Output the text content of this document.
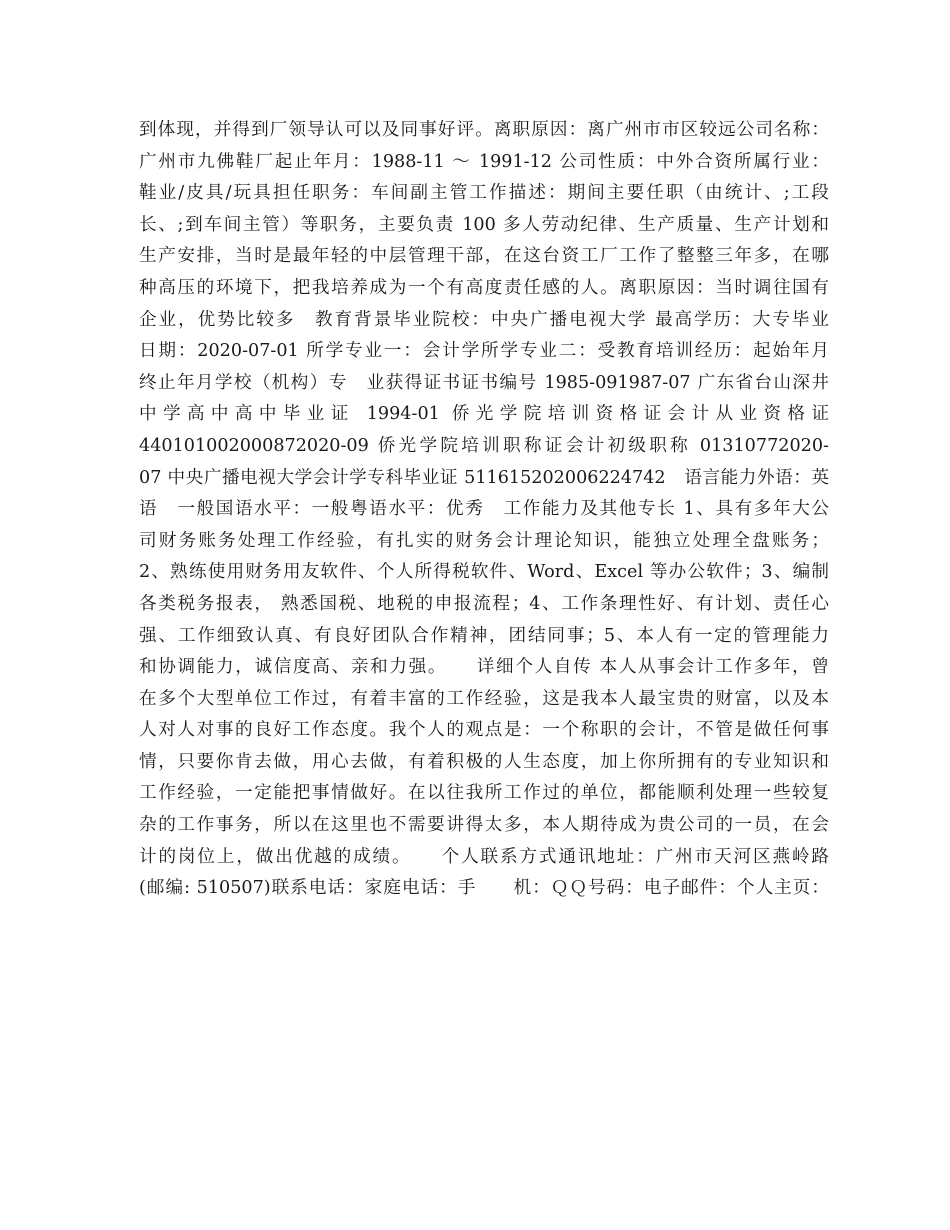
到体现，并得到厂领导认可以及同事好评。离职原因：离广州市市区较远公司名称：
广州市九佛鞋厂起止年月：1988-11 ～ 1991-12 公司性质：中外合资所属行业：
鞋业/皮具/玩具担任职务：车间副主管工作描述：期间主要任职（由统计、;工段
长、;到车间主管）等职务，主要负责 100 多人劳动纪律、生产质量、生产计划和
生产安排，当时是最年轻的中层管理干部，在这台资工厂工作了整整三年多，在哪
种高压的环境下，把我培养成为一个有高度责任感的人。离职原因：当时调往国有
企业，优势比较多　教育背景毕业院校：中央广播电视大学 最高学历：大专毕业
日期：2020-07-01 所学专业一：会计学所学专业二：受教育培训经历：起始年月
终止年月学校（机构）专　业获得证书证书编号 1985-091987-07 广东省台山深井
中学高中高中毕业证 1994-01 侨光学院培训资格证会计从业资格证
440101002000872020-09 侨光学院培训职称证会计初级职称 01310772020-
07 中央广播电视大学会计学专科毕业证 511615202006224742　语言能力外语：英
语　一般国语水平：一般粤语水平：优秀　工作能力及其他专长 1、具有多年大公
司财务账务处理工作经验，有扎实的财务会计理论知识，能独立处理全盘账务；
2、熟练使用财务用友软件、个人所得税软件、Word、Excel 等办公软件；3、编制
各类税务报表， 熟悉国税、地税的申报流程；4、工作条理性好、有计划、责任心
强、工作细致认真、有良好团队合作精神，团结同事；5、本人有一定的管理能力
和协调能力，诚信度高、亲和力强。　　详细个人自传 本人从事会计工作多年，曾
在多个大型单位工作过，有着丰富的工作经验，这是我本人最宝贵的财富，以及本
人对人对事的良好工作态度。我个人的观点是：一个称职的会计，不管是做任何事
情，只要你肯去做，用心去做，有着积极的人生态度，加上你所拥有的专业知识和
工作经验，一定能把事情做好。在以往我所工作过的单位，都能顺利处理一些较复
杂的工作事务，所以在这里也不需要讲得太多，本人期待成为贵公司的一员，在会
计的岗位上，做出优越的成绩。　　个人联系方式通讯地址：广州市天河区燕岭路
(邮编: 510507)联系电话：家庭电话：手　　机：ＱＱ号码：电子邮件：个人主页：
